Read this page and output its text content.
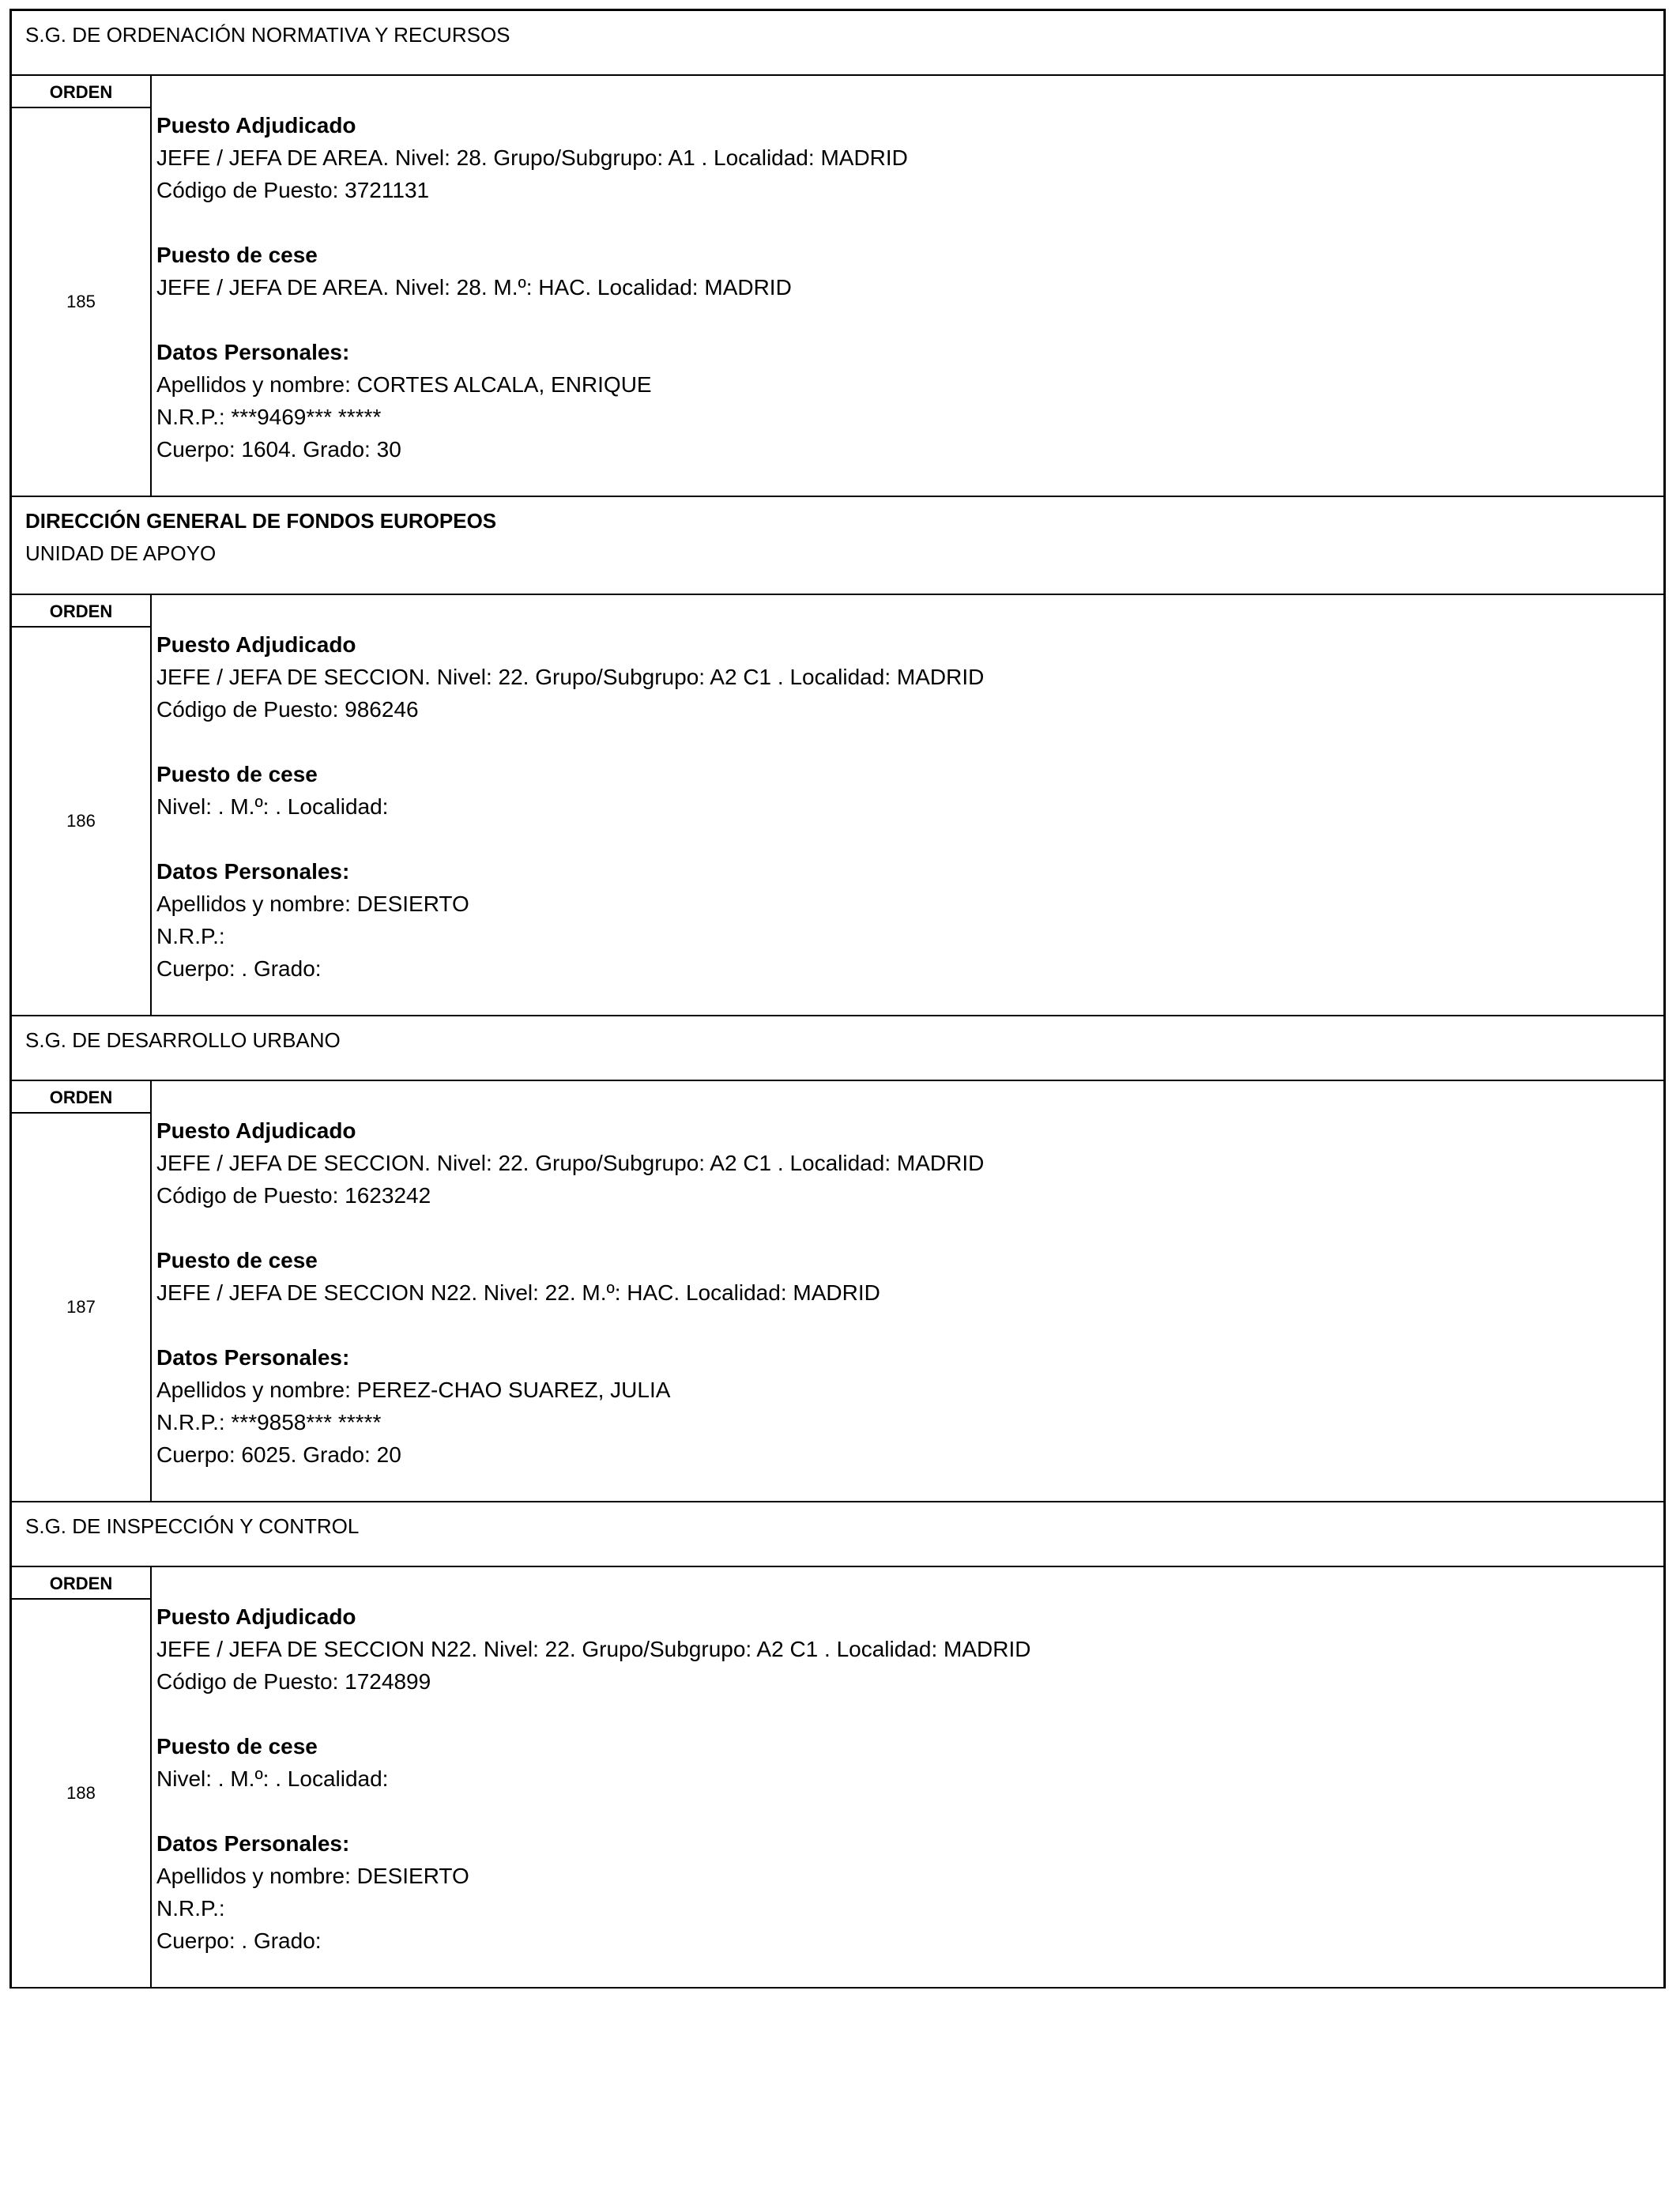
S.G. DE ORDENACIÓN NORMATIVA Y RECURSOS
ORDEN
185
Puesto Adjudicado
JEFE / JEFA DE AREA. Nivel: 28. Grupo/Subgrupo: A1 . Localidad: MADRID
Código de Puesto: 3721131
Puesto de cese
JEFE / JEFA DE AREA. Nivel: 28. M.º: HAC. Localidad: MADRID
Datos Personales:
Apellidos y nombre: CORTES ALCALA, ENRIQUE
N.R.P.: ***9469*** *****
Cuerpo: 1604. Grado: 30
DIRECCIÓN GENERAL DE FONDOS EUROPEOS
UNIDAD DE APOYO
ORDEN
186
Puesto Adjudicado
JEFE / JEFA DE SECCION. Nivel: 22. Grupo/Subgrupo: A2 C1 . Localidad: MADRID
Código de Puesto: 986246
Puesto de cese
Nivel: . M.º: . Localidad:
Datos Personales:
Apellidos y nombre: DESIERTO
N.R.P.:
Cuerpo: . Grado:
S.G. DE DESARROLLO URBANO
ORDEN
187
Puesto Adjudicado
JEFE / JEFA DE SECCION. Nivel: 22. Grupo/Subgrupo: A2 C1 . Localidad: MADRID
Código de Puesto: 1623242
Puesto de cese
JEFE / JEFA DE SECCION N22. Nivel: 22. M.º: HAC. Localidad: MADRID
Datos Personales:
Apellidos y nombre: PEREZ-CHAO SUAREZ, JULIA
N.R.P.: ***9858*** *****
Cuerpo: 6025. Grado: 20
S.G. DE INSPECCIÓN Y CONTROL
ORDEN
188
Puesto Adjudicado
JEFE / JEFA DE SECCION N22. Nivel: 22. Grupo/Subgrupo: A2 C1 . Localidad: MADRID
Código de Puesto: 1724899
Puesto de cese
Nivel: . M.º: . Localidad:
Datos Personales:
Apellidos y nombre: DESIERTO
N.R.P.:
Cuerpo: . Grado:
